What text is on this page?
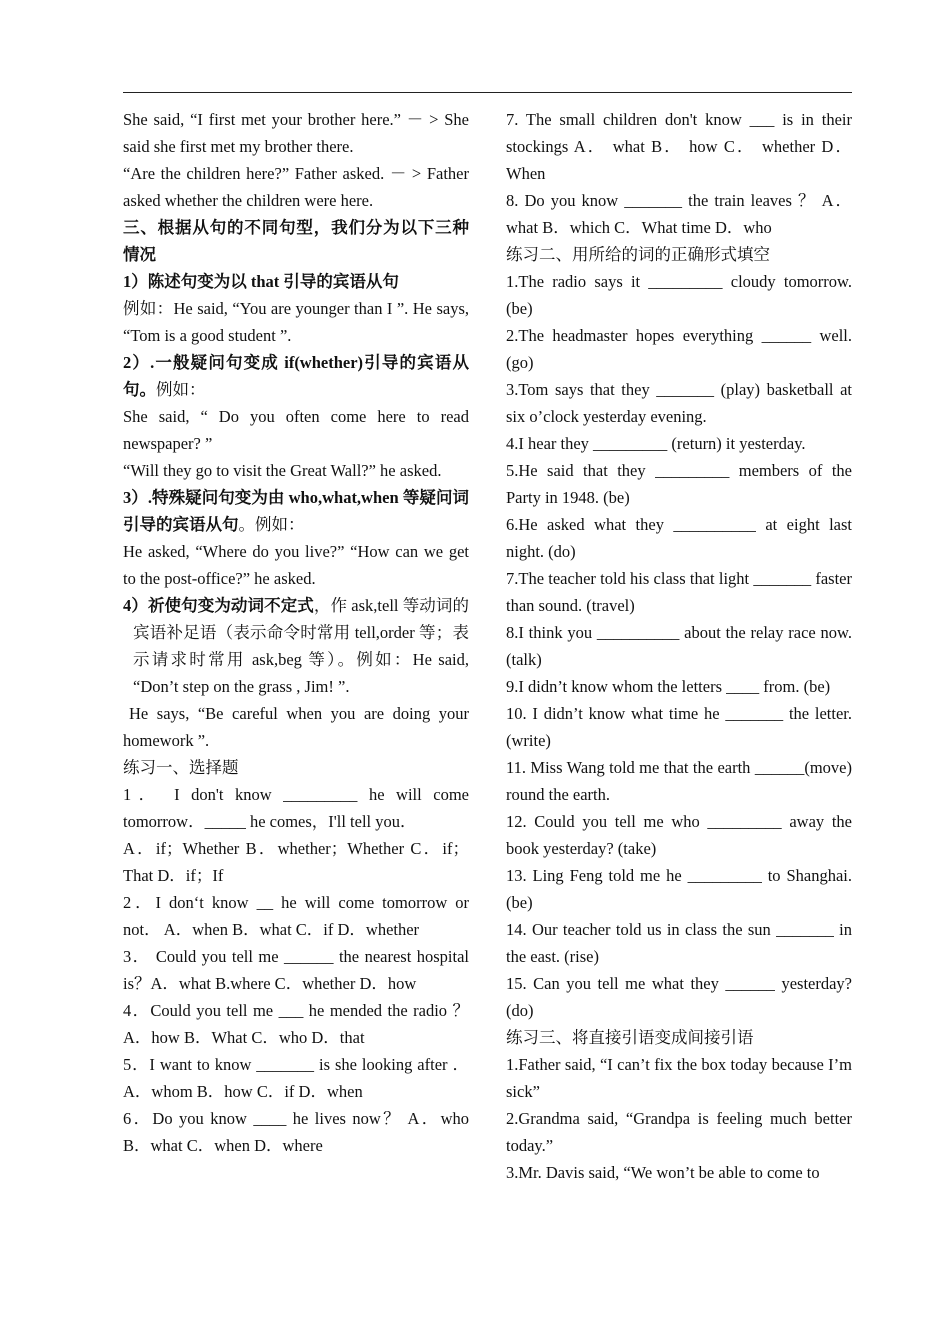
She said, “I first met your brother here.” － > She said she first met my brother there.

“Are the children here?” Father asked. － > Father asked whether the children were here.

三、根据从句的不同句型，我们分为以下三种情况

1）陈述句变为以 that 引导的宾语从句

例如：He said, “You are younger than I ”. He says, “Tom is a good student ”.

2）.一般疑问句变成 if(whether)引导的宾语从句。例如：

She said, “ Do you often come here to read newspaper? ”

“Will they go to visit the Great Wall?” he asked.

3）.特殊疑问句变为由 who,what,when 等疑问词引导的宾语从句。例如：

He asked, “Where do you live?” “How can we get to the post-office?” he asked.

4）祈使句变为动词不定式，作 ask,tell 等动词的宾语补足语（表示命令时常用 tell,order 等；表示请求时常用 ask,beg 等）。例如：He said, “Don’t step on the grass , Jim! ”.

He says, “Be careful when you are doing your homework ”.

练习一、选择题

1． I don't know _________ he will come tomorrow．_____ he comes，I'll tell you．

A．if；Whether B．whether；Whether C．if；That D．if；If

2．I don‘t know __ he will come tomorrow or not． A．when B．what C．if D．whether

3． Could you tell me ______ the nearest hospital is？A．what B.where C．whether D．how

4．Could you tell me ___ he mended the radio ？A．how B．What C．who D．that

5．I want to know _______ is she looking after ． A．whom B．how C．if D．when

6．Do you know ____ he lives now？ A．who B．what C．when D．where

7. The small children don't know ___ is in their stockings A． what B． how C． whether D．When

8. Do you know _______ the train leaves ？ A．what B．which C．What time D．who

练习二、用所给的词的正确形式填空

1.The radio says it _________ cloudy tomorrow. (be)

2.The headmaster hopes everything ______ well. (go)

3.Tom says that they _______ (play) basketball at six o’clock yesterday evening.

4.I hear they _________ (return) it yesterday.

5.He said that they _________ members of the Party in 1948. (be)

6.He asked what they __________ at eight last night. (do)

7.The teacher told his class that light _______ faster than sound. (travel)

8.I think you __________ about the relay race now. (talk)

9.I didn’t know whom the letters ____ from. (be)

10. I didn’t know what time he _______ the letter. (write)

11. Miss Wang told me that the earth ______(move) round the earth.

12. Could you tell me who _________ away the book yesterday? (take)

13. Ling Feng told me he _________ to Shanghai. (be)

14. Our teacher told us in class the sun _______ in the east. (rise)

15. Can you tell me what they ______ yesterday? (do)

练习三、将直接引语变成间接引语

1.Father said, “I can’t fix the box today because I’m sick”

2.Grandma said, “Grandpa is feeling much better today.”

3.Mr. Davis said, “We won’t be able to come to
